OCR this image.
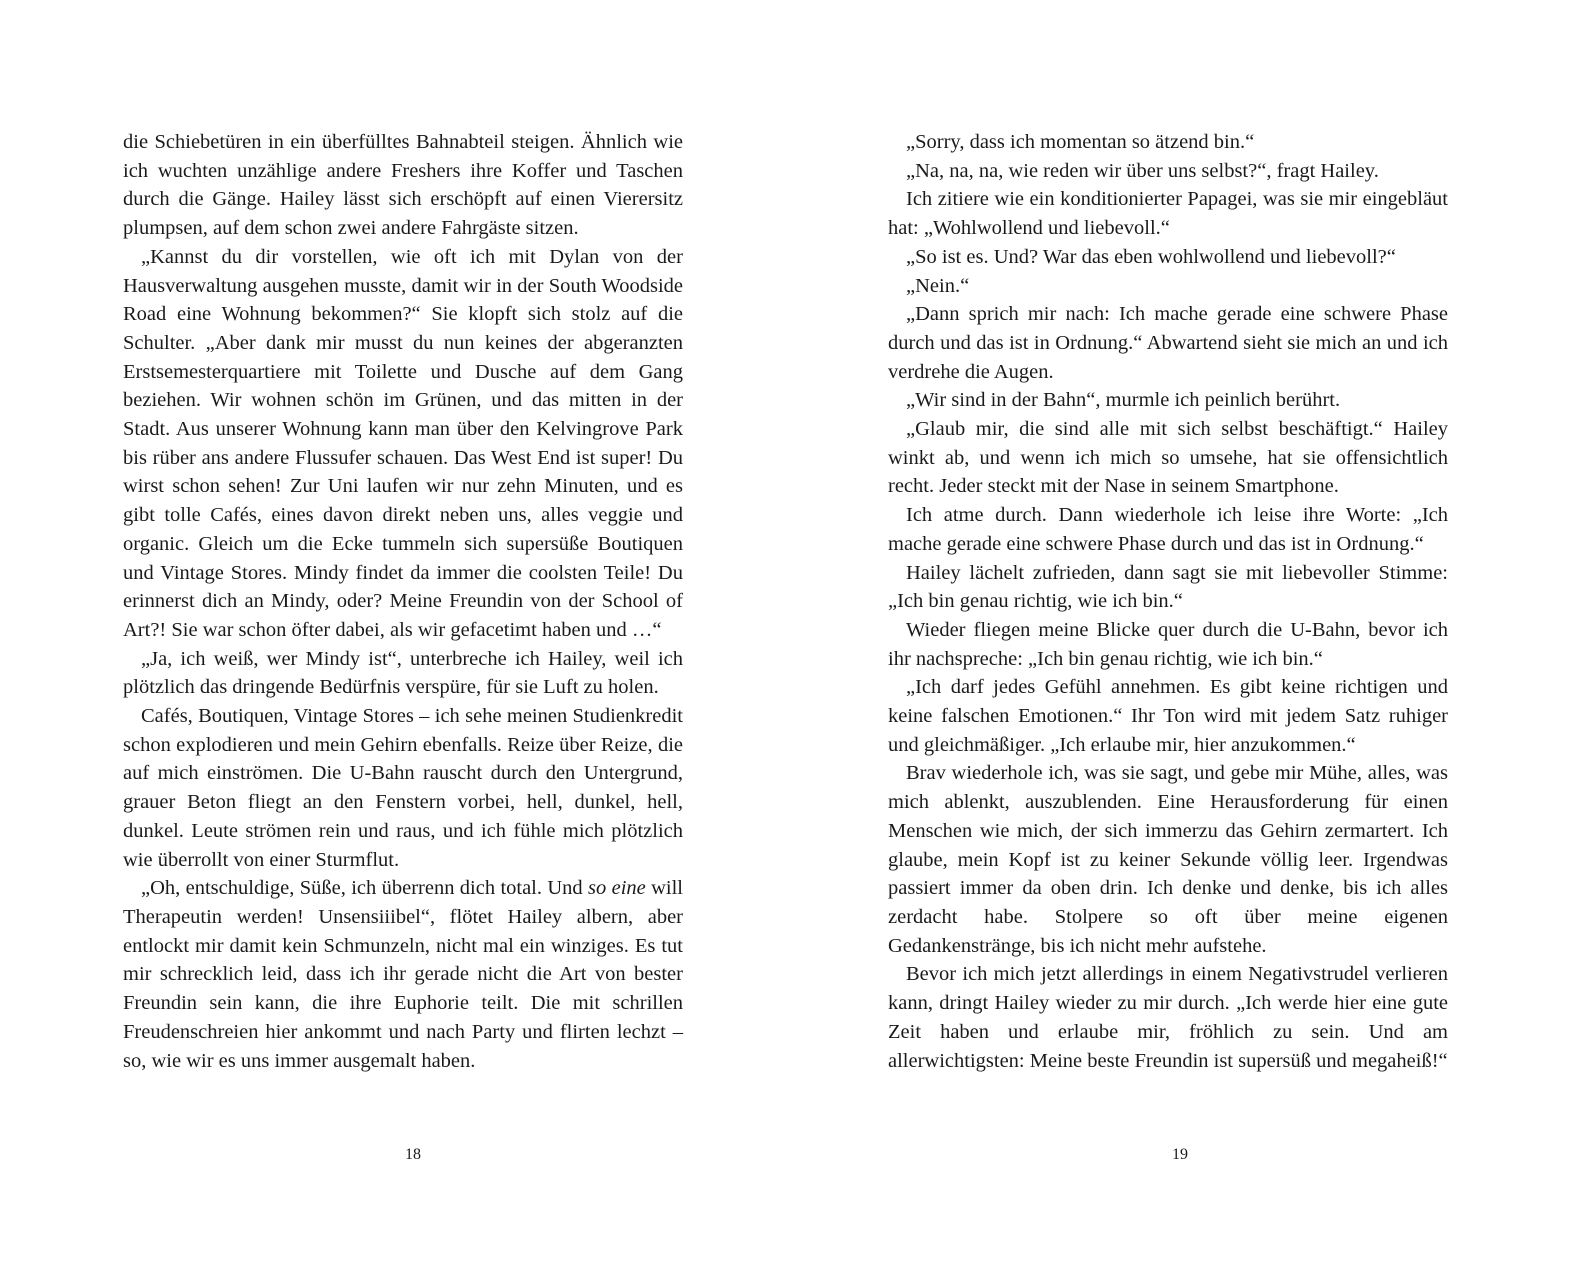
die Schiebetüren in ein überfülltes Bahnabteil steigen. Ähnlich wie ich wuchten unzählige andere Freshers ihre Koffer und Taschen durch die Gänge. Hailey lässt sich erschöpft auf einen Vierersitz plumpsen, auf dem schon zwei andere Fahrgäste sitzen.

„Kannst du dir vorstellen, wie oft ich mit Dylan von der Hausverwaltung ausgehen musste, damit wir in der South Woodside Road eine Wohnung bekommen?“ Sie klopft sich stolz auf die Schulter. „Aber dank mir musst du nun keines der abgeranzten Erstsemesterquartiere mit Toilette und Dusche auf dem Gang beziehen. Wir wohnen schön im Grünen, und das mitten in der Stadt. Aus unserer Wohnung kann man über den Kelvingrove Park bis rüber ans andere Flussufer schauen. Das West End ist super! Du wirst schon sehen! Zur Uni laufen wir nur zehn Minuten, und es gibt tolle Cafés, eines davon direkt neben uns, alles veggie und organic. Gleich um die Ecke tummeln sich supersüße Boutiquen und Vintage Stores. Mindy findet da immer die coolsten Teile! Du erinnerst dich an Mindy, oder? Meine Freundin von der School of Art?! Sie war schon öfter dabei, als wir gefacetimt haben und …“

„Ja, ich weiß, wer Mindy ist“, unterbreche ich Hailey, weil ich plötzlich das dringende Bedürfnis verspüre, für sie Luft zu holen.

Cafés, Boutiquen, Vintage Stores – ich sehe meinen Studienkredit schon explodieren und mein Gehirn ebenfalls. Reize über Reize, die auf mich einströmen. Die U-Bahn rauscht durch den Untergrund, grauer Beton fliegt an den Fenstern vorbei, hell, dunkel, hell, dunkel. Leute strömen rein und raus, und ich fühle mich plötzlich wie überrollt von einer Sturmflut.

„Oh, entschuldige, Süße, ich überrenn dich total. Und so eine will Therapeutin werden! Unsensiiibel“, flötet Hailey albern, aber entlockt mir damit kein Schmunzeln, nicht mal ein winziges. Es tut mir schrecklich leid, dass ich ihr gerade nicht die Art von bester Freundin sein kann, die ihre Euphorie teilt. Die mit schrillen Freudenschreien hier ankommt und nach Party und flirten lechzt – so, wie wir es uns immer ausgemalt haben.

18

„Sorry, dass ich momentan so ätzend bin.“

„Na, na, na, wie reden wir über uns selbst?“, fragt Hailey.

Ich zitiere wie ein konditionierter Papagei, was sie mir eingebläut hat: „Wohlwollend und liebevoll.“

„So ist es. Und? War das eben wohlwollend und liebevoll?“

„Nein.“

„Dann sprich mir nach: Ich mache gerade eine schwere Phase durch und das ist in Ordnung.“ Abwartend sieht sie mich an und ich verdrehe die Augen.

„Wir sind in der Bahn“, murmle ich peinlich berührt.

„Glaub mir, die sind alle mit sich selbst beschäftigt.“ Hailey winkt ab, und wenn ich mich so umsehe, hat sie offensichtlich recht. Jeder steckt mit der Nase in seinem Smartphone.

Ich atme durch. Dann wiederhole ich leise ihre Worte: „Ich mache gerade eine schwere Phase durch und das ist in Ordnung.“

Hailey lächelt zufrieden, dann sagt sie mit liebevoller Stimme: „Ich bin genau richtig, wie ich bin.“

Wieder fliegen meine Blicke quer durch die U-Bahn, bevor ich ihr nachspreche: „Ich bin genau richtig, wie ich bin.“

„Ich darf jedes Gefühl annehmen. Es gibt keine richtigen und keine falschen Emotionen.“ Ihr Ton wird mit jedem Satz ruhiger und gleichmäßiger. „Ich erlaube mir, hier anzukommen.“

Brav wiederhole ich, was sie sagt, und gebe mir Mühe, alles, was mich ablenkt, auszublenden. Eine Herausforderung für einen Menschen wie mich, der sich immerzu das Gehirn zermartert. Ich glaube, mein Kopf ist zu keiner Sekunde völlig leer. Irgendwas passiert immer da oben drin. Ich denke und denke, bis ich alles zerdacht habe. Stolpere so oft über meine eigenen Gedankenstränge, bis ich nicht mehr aufstehe.

Bevor ich mich jetzt allerdings in einem Negativstrudel verlieren kann, dringt Hailey wieder zu mir durch. „Ich werde hier eine gute Zeit haben und erlaube mir, fröhlich zu sein. Und am allerwichtigsten: Meine beste Freundin ist supersüß und megaheiß!“

19
